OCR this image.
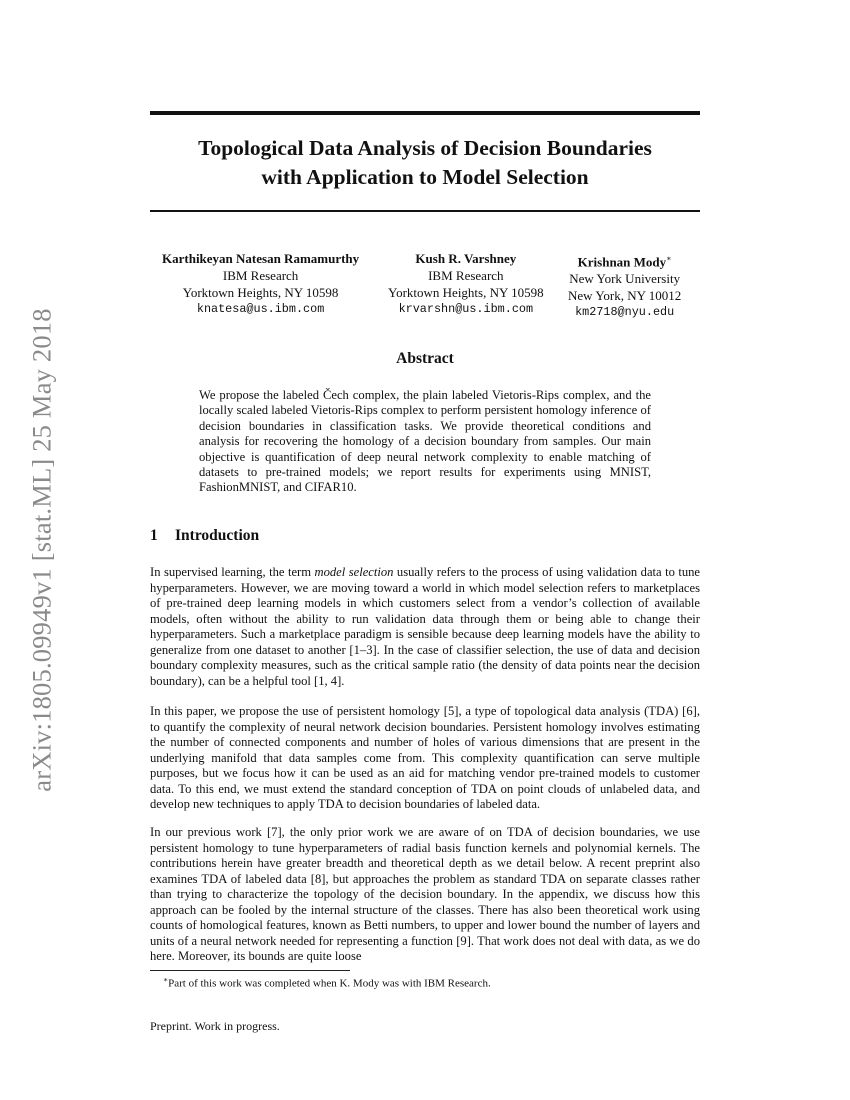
arXiv:1805.09949v1 [stat.ML] 25 May 2018
Topological Data Analysis of Decision Boundaries
with Application to Model Selection
Karthikeyan Natesan Ramamurthy
IBM Research
Yorktown Heights, NY 10598
knatesa@us.ibm.com
Kush R. Varshney
IBM Research
Yorktown Heights, NY 10598
krvarshn@us.ibm.com
Krishnan Mody∗
New York University
New York, NY 10012
km2718@nyu.edu
Abstract
We propose the labeled Čech complex, the plain labeled Vietoris-Rips complex, and the locally scaled labeled Vietoris-Rips complex to perform persistent homology inference of decision boundaries in classification tasks. We provide theoretical conditions and analysis for recovering the homology of a decision boundary from samples. Our main objective is quantification of deep neural network complexity to enable matching of datasets to pre-trained models; we report results for experiments using MNIST, FashionMNIST, and CIFAR10.
1 Introduction
In supervised learning, the term model selection usually refers to the process of using validation data to tune hyperparameters. However, we are moving toward a world in which model selection refers to marketplaces of pre-trained deep learning models in which customers select from a vendor’s collection of available models, often without the ability to run validation data through them or being able to change their hyperparameters. Such a marketplace paradigm is sensible because deep learning models have the ability to generalize from one dataset to another [1–3]. In the case of classifier selection, the use of data and decision boundary complexity measures, such as the critical sample ratio (the density of data points near the decision boundary), can be a helpful tool [1, 4].
In this paper, we propose the use of persistent homology [5], a type of topological data analysis (TDA) [6], to quantify the complexity of neural network decision boundaries. Persistent homology involves estimating the number of connected components and number of holes of various dimensions that are present in the underlying manifold that data samples come from. This complexity quantification can serve multiple purposes, but we focus how it can be used as an aid for matching vendor pre-trained models to customer data. To this end, we must extend the standard conception of TDA on point clouds of unlabeled data, and develop new techniques to apply TDA to decision boundaries of labeled data.
In our previous work [7], the only prior work we are aware of on TDA of decision boundaries, we use persistent homology to tune hyperparameters of radial basis function kernels and polynomial kernels. The contributions herein have greater breadth and theoretical depth as we detail below. A recent preprint also examines TDA of labeled data [8], but approaches the problem as standard TDA on separate classes rather than trying to characterize the topology of the decision boundary. In the appendix, we discuss how this approach can be fooled by the internal structure of the classes. There has also been theoretical work using counts of homological features, known as Betti numbers, to upper and lower bound the number of layers and units of a neural network needed for representing a function [9]. That work does not deal with data, as we do here. Moreover, its bounds are quite loose
∗Part of this work was completed when K. Mody was with IBM Research.
Preprint. Work in progress.
